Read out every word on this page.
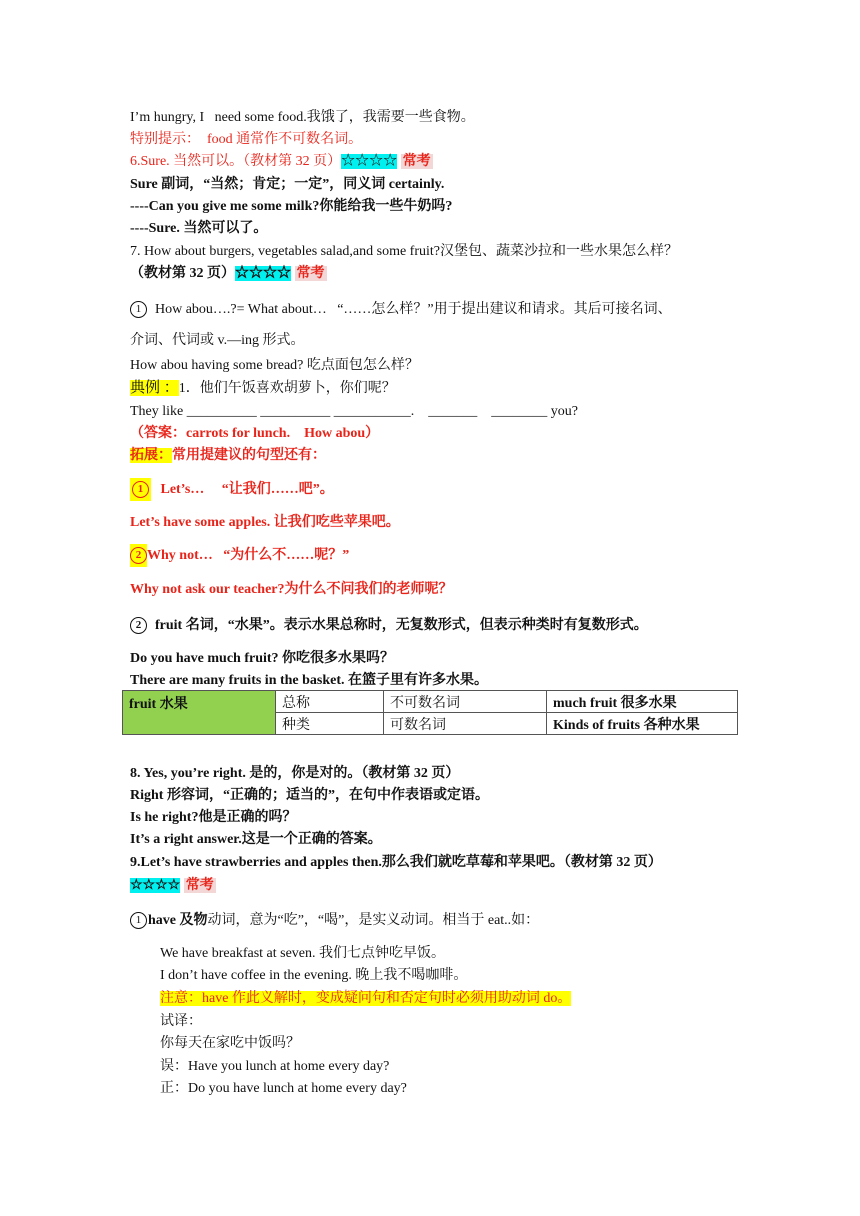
I’m hungry, I   need some food.我饿了，我需要一些食物。
特别提示：  food 通常作不可数名词。
6.Sure. 当然可以。（教材第 32 页）☆☆☆☆ 常考
Sure 副词，“当然；肯定；一定”，同义词 certainly.
----Can you give me some milk?你能给我一些牛奶吗?
----Sure. 当然可以了。
7. How about burgers, vegetables salad,and some fruit?汉堡包、蔬菜沙拉和一些水果怎么样？
（教材第 32 页）☆☆☆☆ 常考
1 How abou….?= What about…   “……怎么样？”用于提出建议和请求。其后可接名词、
介词、代词或 v.—ing 形式。
How abou having some bread? 吃点面包怎么样？
典例 ：1．他们午饭喜欢胡萝卜，你们呢？
They like __________ __________ ___________.    _______    ________ you?
（答案：carrots for lunch.    How abou）
拓展：常用提建议的句型还有：
1 Let’s…     “让我们……吧”。
Let’s have some apples. 让我们吃些苹果吧。
2 Why not…   “为什么不……呢？”
Why not ask our teacher?为什么不问我们的老师呢？
2 fruit 名词，“水果”。表示水果总称时，无复数形式，但表示种类时有复数形式。
Do you have much fruit? 你吃很多水果吗？
There are many fruits in the basket. 在篮子里有许多水果。
fruit 水果	总称	不可数名词	much fruit 很多水果
	种类	可数名词	Kinds of fruits 各种水果
8. Yes, you’re right. 是的，你是对的。（教材第 32 页）
Right 形容词，“正确的；适当的”，在句中作表语或定语。
Is he right?他是正确的吗？
It’s a right answer.这是一个正确的答案。
9.Let’s have strawberries and apples then.那么我们就吃草莓和苹果吧。（教材第 32 页）
☆☆☆☆ 常考
1 have 及物动词，意为“吃”，“喝”，是实义动词。相当于 eat..如：
We have breakfast at seven. 我们七点钟吃早饭。
I don’t have coffee in the evening. 晚上我不喝咖啡。
注意：have 作此义解时，变成疑问句和否定句时必须用助动词 do。
试译：
你每天在家吃中饭吗？
误：Have you lunch at home every day?
正：Do you have lunch at home every day?
